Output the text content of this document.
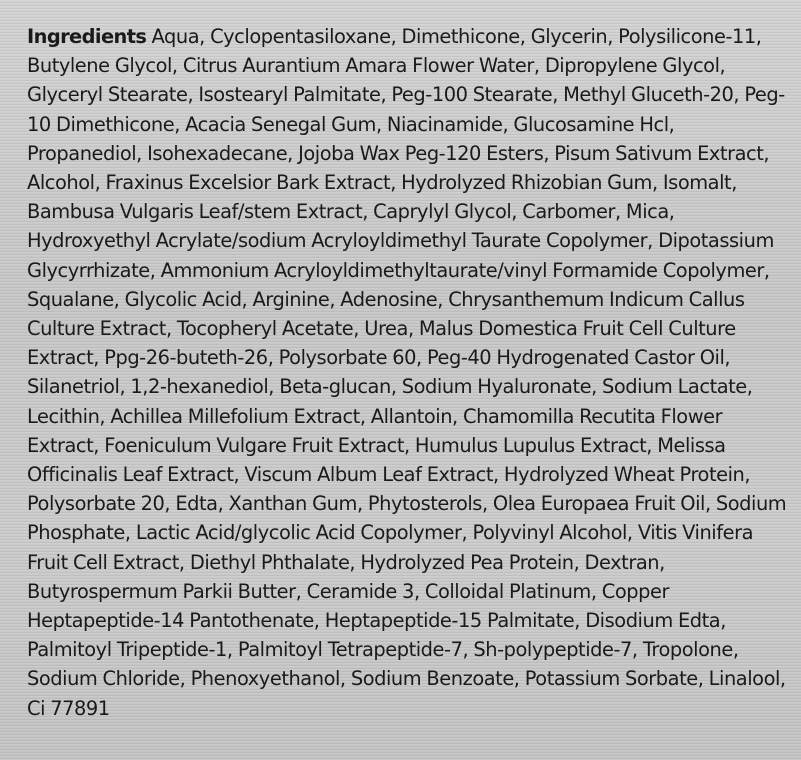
Ingredients Aqua, Cyclopentasiloxane, Dimethicone, Glycerin, Polysilicone-11, Butylene Glycol, Citrus Aurantium Amara Flower Water, Dipropylene Glycol, Glyceryl Stearate, Isostearyl Palmitate, Peg-100 Stearate, Methyl Gluceth-20, Peg-10 Dimethicone, Acacia Senegal Gum, Niacinamide, Glucosamine Hcl, Propanediol, Isohexadecane, Jojoba Wax Peg-120 Esters, Pisum Sativum Extract, Alcohol, Fraxinus Excelsior Bark Extract, Hydrolyzed Rhizobian Gum, Isomalt, Bambusa Vulgaris Leaf/stem Extract, Caprylyl Glycol, Carbomer, Mica, Hydroxyethyl Acrylate/sodium Acryloyldimethyl Taurate Copolymer, Dipotassium Glycyrrhizate, Ammonium Acryloyldimethyltaurate/vinyl Formamide Copolymer, Squalane, Glycolic Acid, Arginine, Adenosine, Chrysanthemum Indicum Callus Culture Extract, Tocopheryl Acetate, Urea, Malus Domestica Fruit Cell Culture Extract, Ppg-26-buteth-26, Polysorbate 60, Peg-40 Hydrogenated Castor Oil, Silanetriol, 1,2-hexanediol, Beta-glucan, Sodium Hyaluronate, Sodium Lactate, Lecithin, Achillea Millefolium Extract, Allantoin, Chamomilla Recutita Flower Extract, Foeniculum Vulgare Fruit Extract, Humulus Lupulus Extract, Melissa Officinalis Leaf Extract, Viscum Album Leaf Extract, Hydrolyzed Wheat Protein, Polysorbate 20, Edta, Xanthan Gum, Phytosterols, Olea Europaea Fruit Oil, Sodium Phosphate, Lactic Acid/glycolic Acid Copolymer, Polyvinyl Alcohol, Vitis Vinifera Fruit Cell Extract, Diethyl Phthalate, Hydrolyzed Pea Protein, Dextran, Butyrospermum Parkii Butter, Ceramide 3, Colloidal Platinum, Copper Heptapeptide-14 Pantothenate, Heptapeptide-15 Palmitate, Disodium Edta, Palmitoyl Tripeptide-1, Palmitoyl Tetrapeptide-7, Sh-polypeptide-7, Tropolone, Sodium Chloride, Phenoxyethanol, Sodium Benzoate, Potassium Sorbate, Linalool, Ci 77891
